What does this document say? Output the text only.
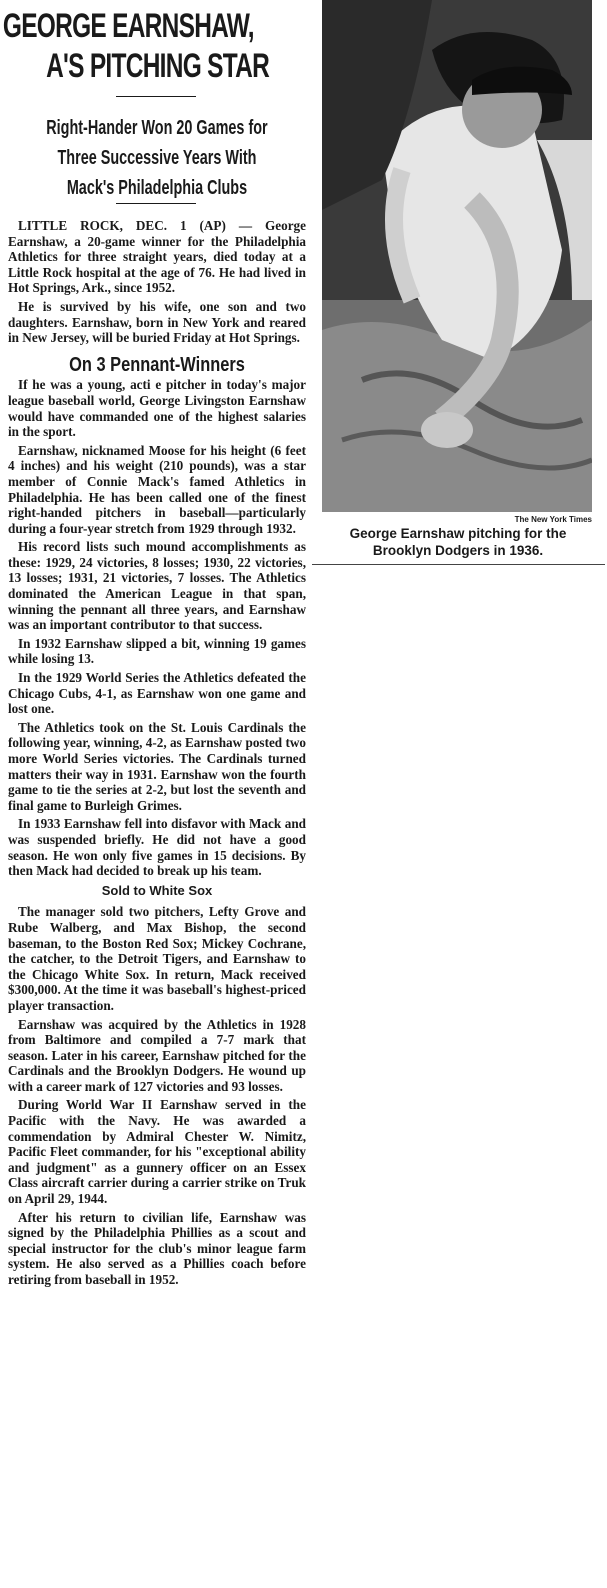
GEORGE EARNSHAW,
A'S PITCHING STAR
Right-Hander Won 20 Games for
Three Successive Years With
Mack's Philadelphia Clubs

LITTLE ROCK, DEC. 1 (AP) — George Earnshaw, a 20-game winner for the Philadelphia Athletics for three straight years, died today at a Little Rock hospital at the age of 76. He had lived in Hot Springs, Ark., since 1952.

He is survived by his wife, one son and two daughters. Earnshaw, born in New York and reared in New Jersey, will be buried Friday at Hot Springs.

On 3 Pennant-Winners

If he was a young, acti e pitcher in today's major league baseball world, George Livingston Earnshaw would have commanded one of the highest salaries in the sport.

Earnshaw, nicknamed Moose for his height (6 feet 4 inches) and his weight (210 pounds), was a star member of Connie Mack's famed Athletics in Philadelphia. He has been called one of the finest right-handed pitchers in baseball—particularly during a four-year stretch from 1929 through 1932.

His record lists such mound accomplishments as these: 1929, 24 victories, 8 losses; 1930, 22 victories, 13 losses; 1931, 21 victories, 7 losses. The Athletics dominated the American League in that span, winning the pennant all three years, and Earnshaw was an important contributor to that success.

In 1932 Earnshaw slipped a bit, winning 19 games while losing 13.

In the 1929 World Series the Athletics defeated the Chicago Cubs, 4-1, as Earnshaw won one game and lost one.

The Athletics took on the St. Louis Cardinals the following year, winning, 4-2, as Earnshaw posted two more World Series victories. The Cardinals turned matters their way in 1931. Earnshaw won the fourth game to tie the series at 2-2, but lost the seventh and final game to Burleigh Grimes.

In 1933 Earnshaw fell into disfavor with Mack and was suspended briefly. He did not have a good season. He won only five games in 15 decisions. By then Mack had decided to break up his team.

Sold to White Sox

The manager sold two pitchers, Lefty Grove and Rube Walberg, and Max Bishop, the second baseman, to the Boston Red Sox; Mickey Cochrane, the catcher, to the Detroit Tigers, and Earnshaw to the Chicago White Sox. In return, Mack received $300,000. At the time it was baseball's highest-priced player transaction.

Earnshaw was acquired by the Athletics in 1928 from Baltimore and compiled a 7-7 mark that season. Later in his career, Earnshaw pitched for the Cardinals and the Brooklyn Dodgers. He wound up with a career mark of 127 victories and 93 losses.

During World War II Earnshaw served in the Pacific with the Navy. He was awarded a commendation by Admiral Chester W. Nimitz, Pacific Fleet commander, for his "exceptional ability and judgment" as a gunnery officer on an Essex Class aircraft carrier during a carrier strike on Truk on April 29, 1944.

After his return to civilian life, Earnshaw was signed by the Philadelphia Phillies as a scout and special instructor for the club's minor league farm system. He also served as a Phillies coach before retiring from baseball in 1952.

The New York Times
George Earnshaw pitching for the Brooklyn Dodgers in 1936.
